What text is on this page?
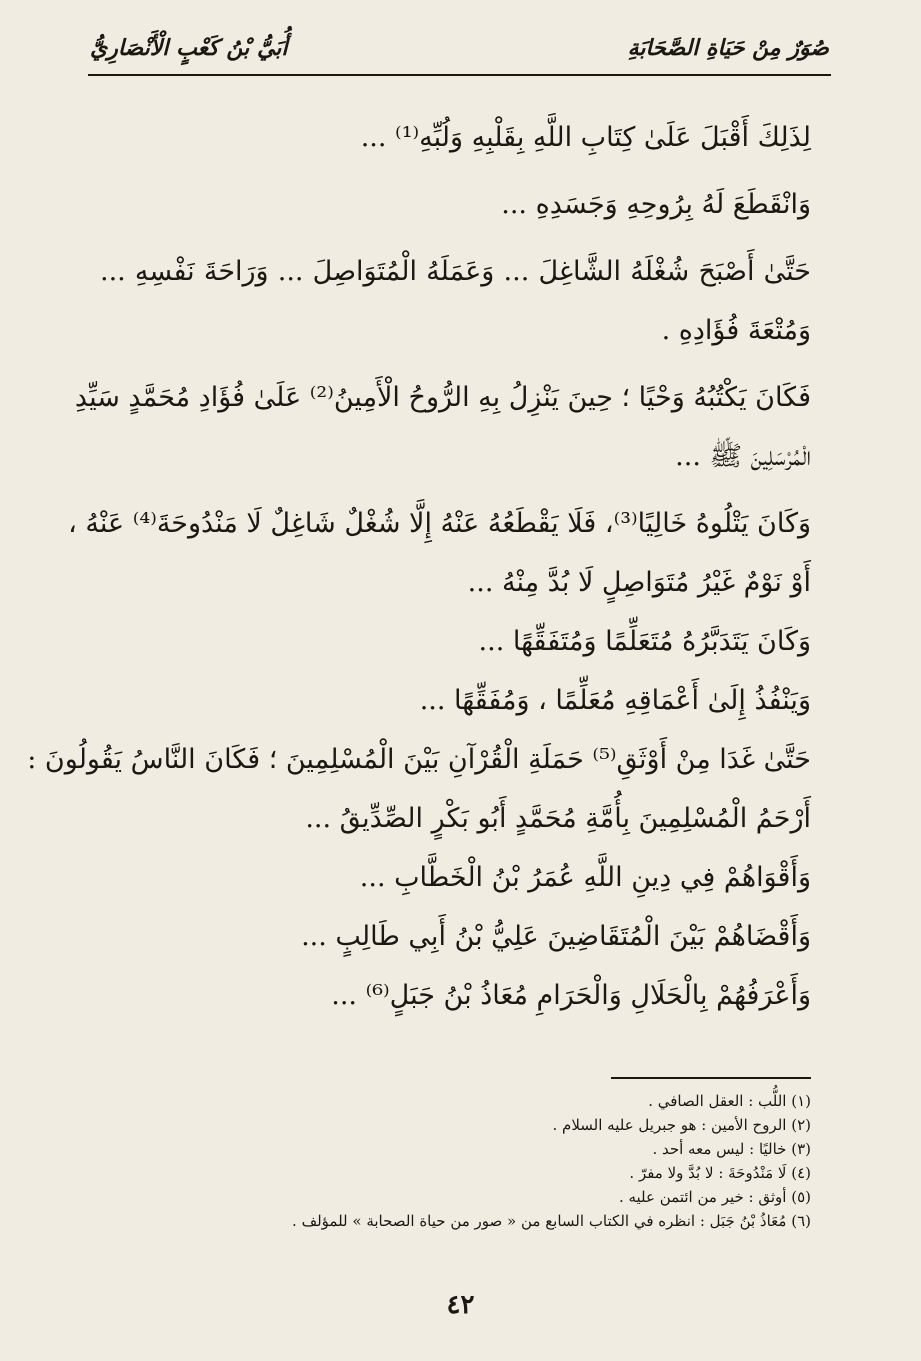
صُوَرٌ مِنْ حَيَاةِ الصَّحَابَةِ
أُبَيُّ بْنُ كَعْبٍ الْأَنْصَارِيُّ

لِذَلِكَ أَقْبَلَ عَلَىٰ كِتَابِ اللَّهِ بِقَلْبِهِ وَلُبِّهِ⁽¹⁾ ...

وَانْقَطَعَ لَهُ بِرُوحِهِ وَجَسَدِهِ ...

حَتَّىٰ أَصْبَحَ شُغْلَهُ الشَّاغِلَ ... وَعَمَلَهُ الْمُتَوَاصِلَ ... وَرَاحَةَ نَفْسِهِ ...

وَمُتْعَةَ فُؤَادِهِ .

فَكَانَ يَكْتُبُهُ وَحْيًا ؛ حِينَ يَنْزِلُ بِهِ الرُّوحُ الْأَمِينُ⁽²⁾ عَلَىٰ فُؤَادِ مُحَمَّدٍ سَيِّدِ

الْمُرْسَلِينَ ﷺ ...

وَكَانَ يَتْلُوهُ خَالِيًا⁽³⁾، فَلَا يَقْطَعُهُ عَنْهُ إِلَّا شُغْلٌ شَاغِلٌ لَا مَنْدُوحَةَ⁽⁴⁾ عَنْهُ ،

أَوْ نَوْمٌ غَيْرُ مُتَوَاصِلٍ لَا بُدَّ مِنْهُ ...

وَكَانَ يَتَدَبَّرُهُ مُتَعَلِّمًا وَمُتَفَقِّهًا ...

وَيَنْفُذُ إِلَىٰ أَعْمَاقِهِ مُعَلِّمًا ، وَمُفَقِّهًا ...

حَتَّىٰ غَدَا مِنْ أَوْثَقِ⁽⁵⁾ حَمَلَةِ الْقُرْآنِ بَيْنَ الْمُسْلِمِينَ ؛ فَكَانَ النَّاسُ يَقُولُونَ :

أَرْحَمُ الْمُسْلِمِينَ بِأُمَّةِ مُحَمَّدٍ أَبُو بَكْرٍ الصِّدِّيقُ ...

وَأَقْوَاهُمْ فِي دِينِ اللَّهِ عُمَرُ بْنُ الْخَطَّابِ ...

وَأَقْضَاهُمْ بَيْنَ الْمُتَقَاضِينَ عَلِيُّ بْنُ أَبِي طَالِبٍ ...

وَأَعْرَفُهُمْ بِالْحَلَالِ وَالْحَرَامِ مُعَاذُ بْنُ جَبَلٍ⁽⁶⁾ ...

(١) اللُّب : العقل الصافي .

(٢) الروح الأمين : هو جبريل عليه السلام .

(٣) خاليًا : ليس معه أحد .

(٤) لَا مَنْدُوحَةَ : لا بُدَّ ولا مفرّ .

(٥) أوثق : خير من ائتمن عليه .

(٦) مُعَاذُ بْنُ جَبَل : انظره في الكتاب السابع من « صور من حياة الصحابة » للمؤلف .

٤٢
